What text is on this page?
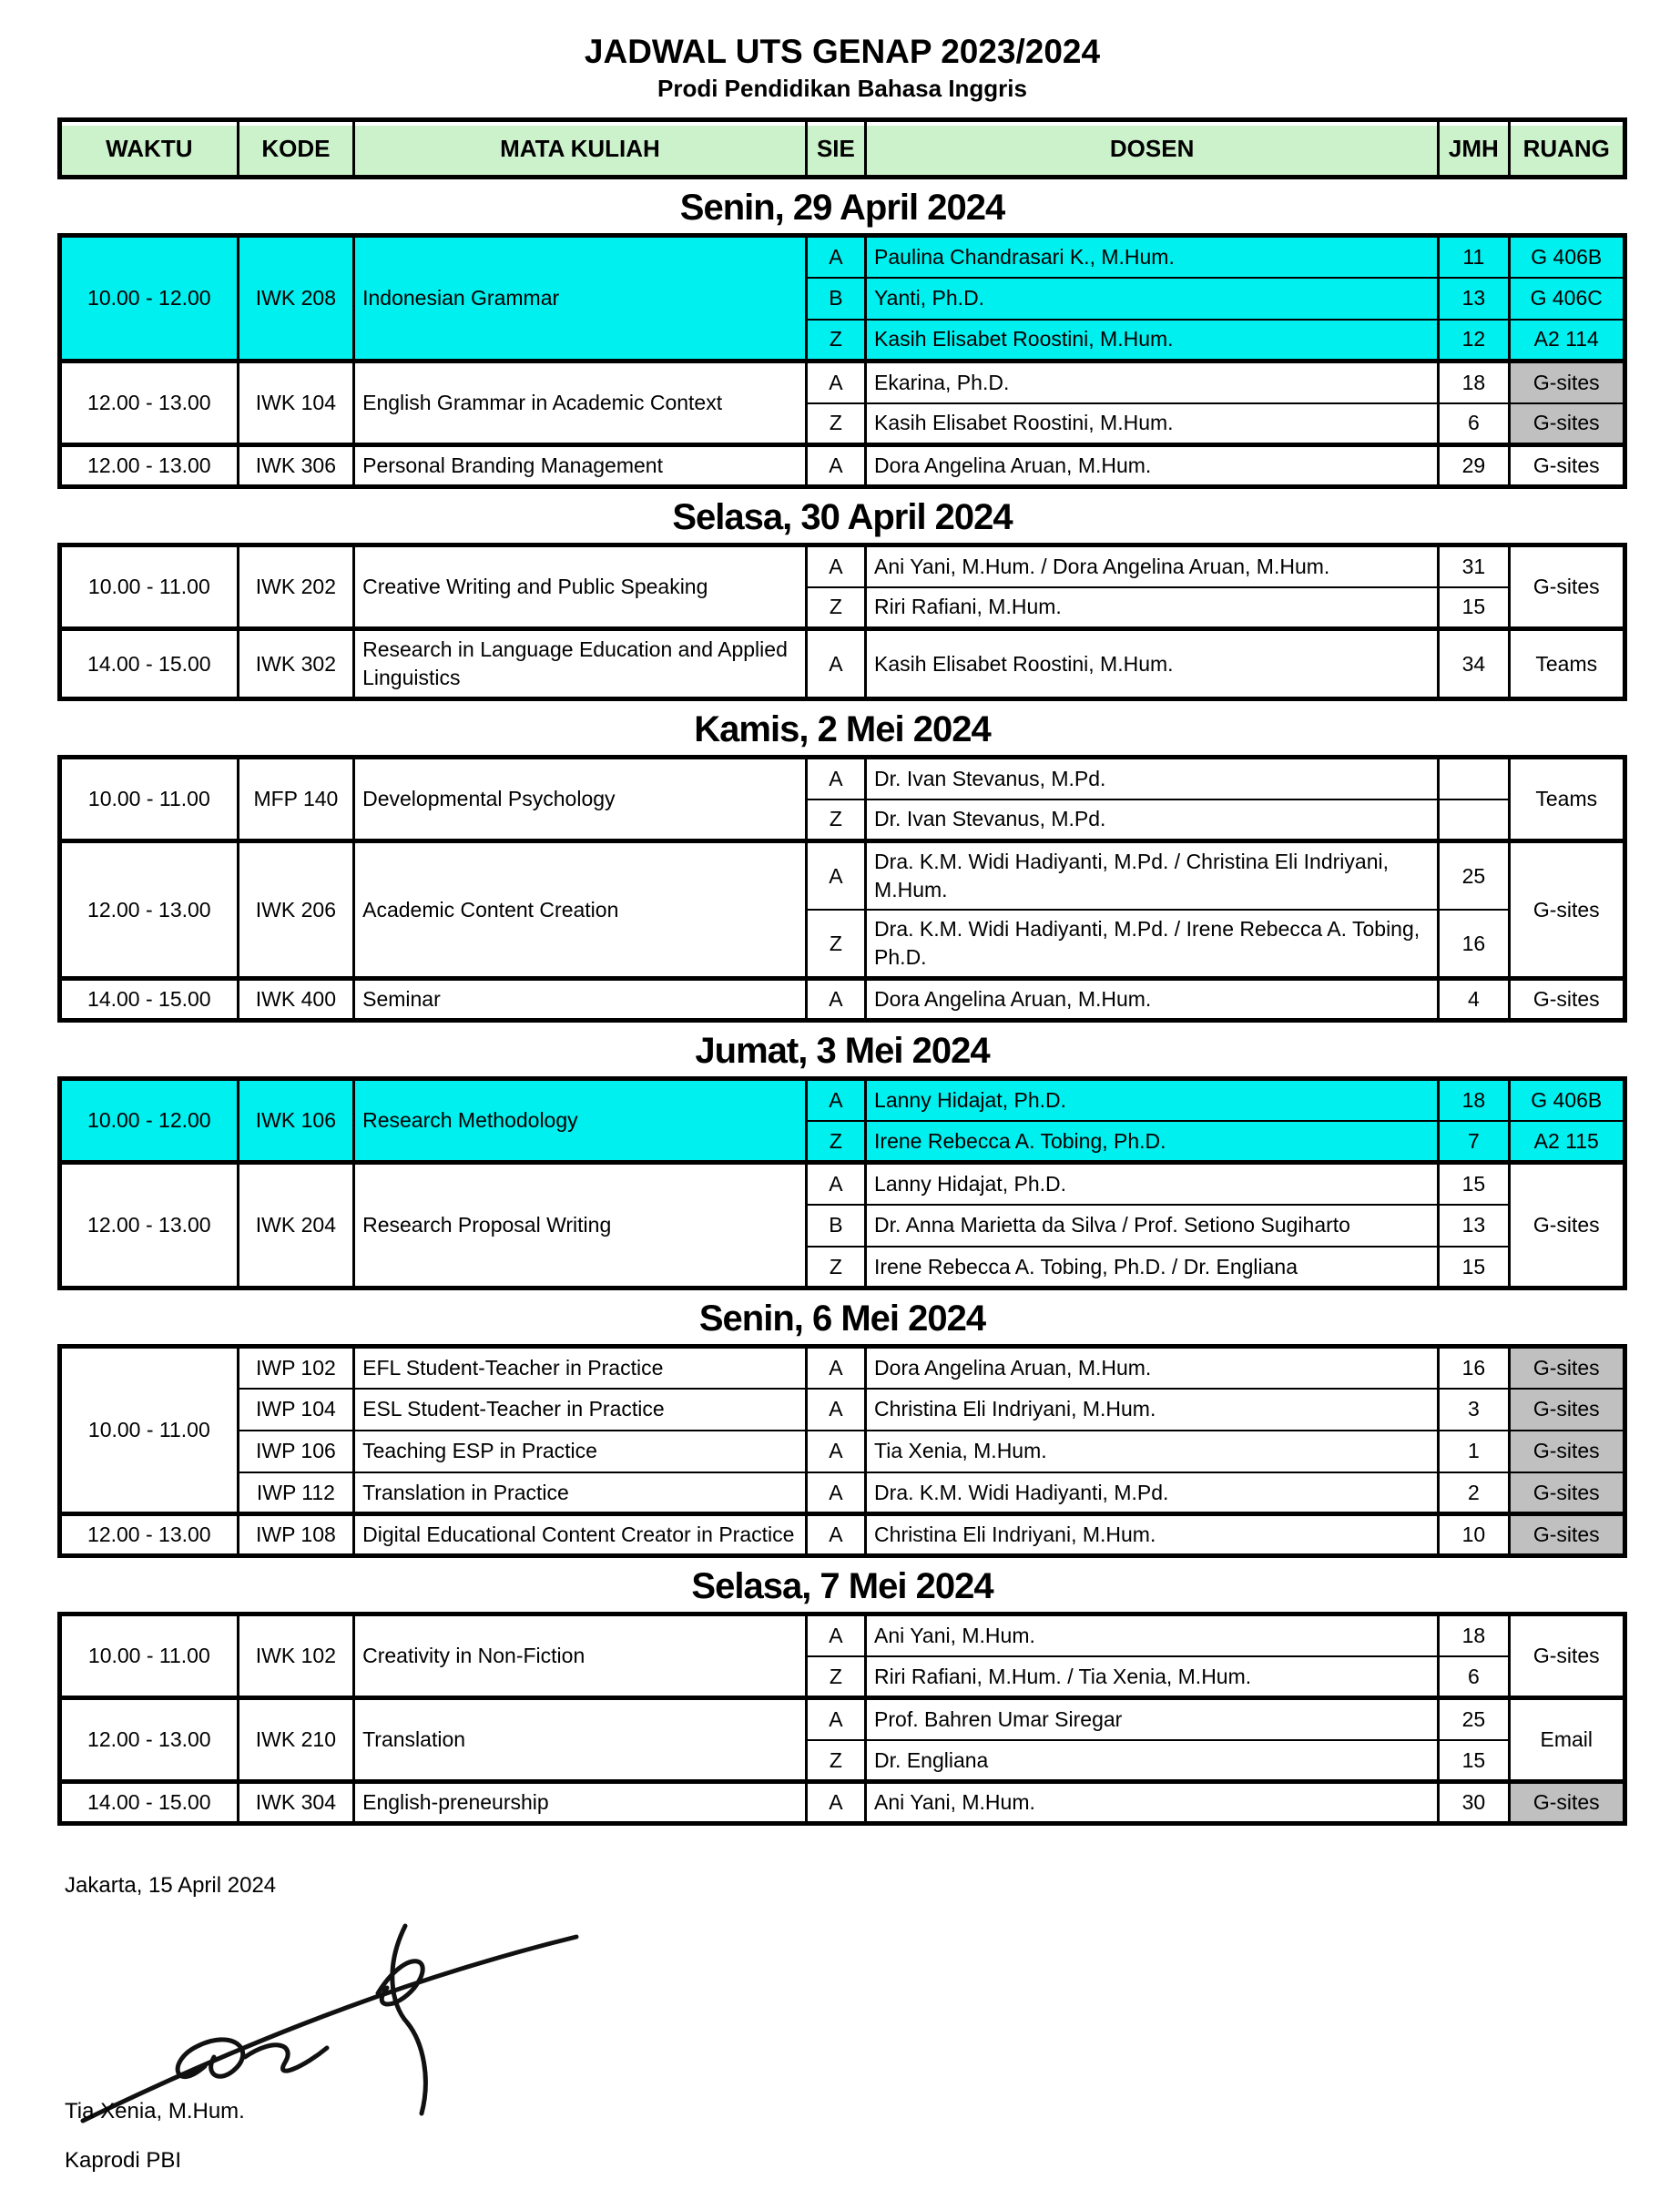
JADWAL UTS GENAP 2023/2024
Prodi Pendidikan Bahasa Inggris
WAKTU	KODE	MATA KULIAH	SIE	DOSEN	JMH	RUANG
Senin, 29 April 2024
10.00 - 12.00	IWK 208	Indonesian Grammar	A	Paulina Chandrasari K., M.Hum.	11	G 406B
			B	Yanti, Ph.D.	13	G 406C
			Z	Kasih Elisabet Roostini, M.Hum.	12	A2 114
12.00 - 13.00	IWK 104	English Grammar in Academic Context	A	Ekarina, Ph.D.	18	G-sites
			Z	Kasih Elisabet Roostini, M.Hum.	6	G-sites
12.00 - 13.00	IWK 306	Personal Branding Management	A	Dora Angelina Aruan, M.Hum.	29	G-sites
Selasa, 30 April 2024
10.00 - 11.00	IWK 202	Creative Writing and Public Speaking	A	Ani Yani, M.Hum. / Dora Angelina Aruan, M.Hum.	31	G-sites
			Z	Riri Rafiani, M.Hum.	15	
14.00 - 15.00	IWK 302	Research in Language Education and Applied Linguistics	A	Kasih Elisabet Roostini, M.Hum.	34	Teams
Kamis, 2 Mei 2024
10.00 - 11.00	MFP 140	Developmental Psychology	A	Dr. Ivan Stevanus, M.Pd.		Teams
			Z	Dr. Ivan Stevanus, M.Pd.		
12.00 - 13.00	IWK 206	Academic Content Creation	A	Dra. K.M. Widi Hadiyanti, M.Pd. / Christina Eli Indriyani, M.Hum.	25	G-sites
			Z	Dra. K.M. Widi Hadiyanti, M.Pd. / Irene Rebecca A. Tobing, Ph.D.	16	
14.00 - 15.00	IWK 400	Seminar	A	Dora Angelina Aruan, M.Hum.	4	G-sites
Jumat, 3 Mei 2024
10.00 - 12.00	IWK 106	Research Methodology	A	Lanny Hidajat, Ph.D.	18	G 406B
			Z	Irene Rebecca A. Tobing, Ph.D.	7	A2 115
12.00 - 13.00	IWK 204	Research Proposal Writing	A	Lanny Hidajat, Ph.D.	15	G-sites
			B	Dr. Anna Marietta da Silva / Prof. Setiono Sugiharto	13	
			Z	Irene Rebecca A. Tobing, Ph.D. / Dr. Engliana	15	
Senin, 6 Mei 2024
10.00 - 11.00	IWP 102	EFL Student-Teacher in Practice	A	Dora Angelina Aruan, M.Hum.	16	G-sites
	IWP 104	ESL Student-Teacher in Practice	A	Christina Eli Indriyani, M.Hum.	3	G-sites
	IWP 106	Teaching ESP in Practice	A	Tia Xenia, M.Hum.	1	G-sites
	IWP 112	Translation in Practice	A	Dra. K.M. Widi Hadiyanti, M.Pd.	2	G-sites
12.00 - 13.00	IWP 108	Digital Educational Content Creator in Practice	A	Christina Eli Indriyani, M.Hum.	10	G-sites
Selasa, 7 Mei 2024
10.00 - 11.00	IWK 102	Creativity in Non-Fiction	A	Ani Yani, M.Hum.	18	G-sites
			Z	Riri Rafiani, M.Hum. / Tia Xenia, M.Hum.	6	
12.00 - 13.00	IWK 210	Translation	A	Prof. Bahren Umar Siregar	25	Email
			Z	Dr. Engliana	15	
14.00 - 15.00	IWK 304	English-preneurship	A	Ani Yani, M.Hum.	30	G-sites
Jakarta, 15 April 2024
Tia Xenia, M.Hum.
Kaprodi PBI
